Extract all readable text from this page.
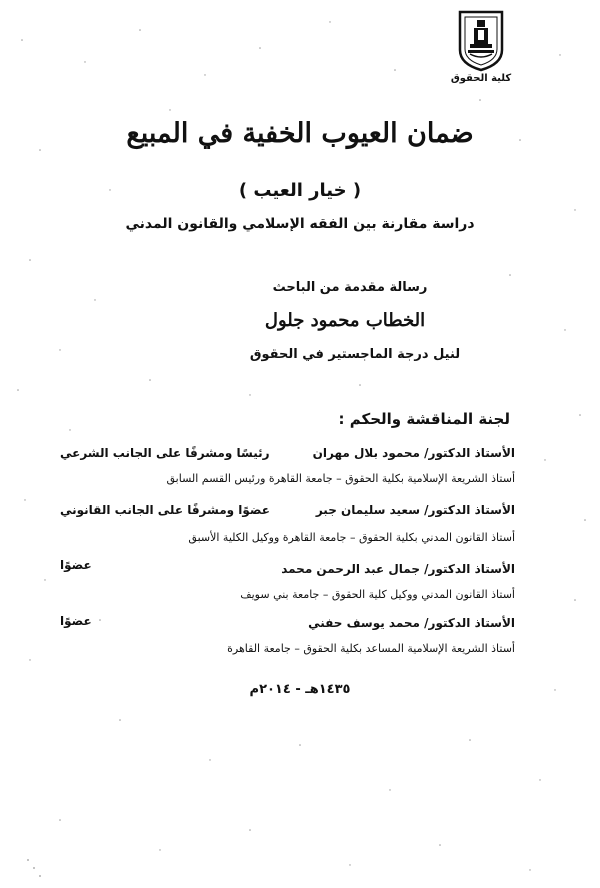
كلية الحقوق
ضمان العيوب الخفية في المبيع
( خيار العيب )
دراسة مقارنة بين الفقه الإسلامي والقانون المدني
رسالة مقدمة من الباحث
الخطاب محمود جلول
لنيل درجة الماجستير في الحقوق
لجنة المناقشة والحكم :
الأستاذ الدكتور/ محمود بلال مهران
رئيسًا ومشرفًا على الجانب الشرعي
أستاذ الشريعة الإسلامية بكلية الحقوق – جامعة القاهرة ورئيس القسم السابق
الأستاذ الدكتور/ سعيد سليمان جبر
عضوًا ومشرفًا على الجانب القانوني
أستاذ القانون المدني بكلية الحقوق – جامعة القاهرة ووكيل الكلية الأسبق
الأستاذ الدكتور/ جمال عبد الرحمن محمد
عضوًا
أستاذ القانون المدني ووكيل كلية الحقوق – جامعة بني سويف
الأستاذ الدكتور/ محمد يوسف حفني
عضوًا
أستاذ الشريعة الإسلامية المساعد بكلية الحقوق – جامعة القاهرة
١٤٣٥هـ - ٢٠١٤م
